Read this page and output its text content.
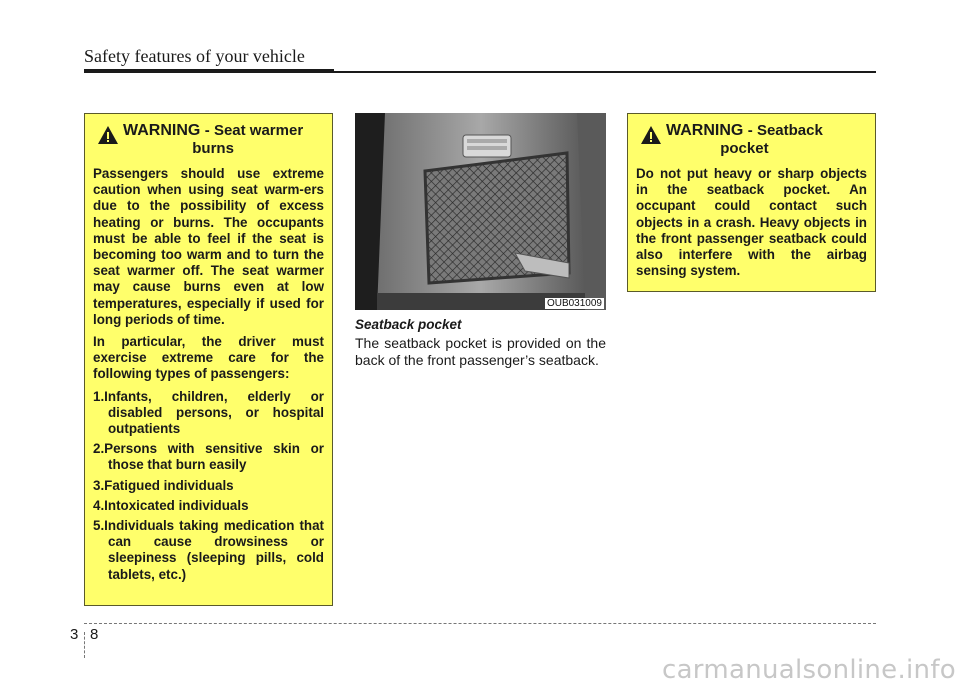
Safety features of your vehicle
WARNING - Seat warmer
burns

Passengers should use extreme caution when using seat warm-ers due to the possibility of excess heating or burns. The occupants must be able to feel if the seat is becoming too warm and to turn the seat warmer off. The seat warmer may cause burns even at low temperatures, especially if used for long periods of time.

In particular, the driver must exercise extreme care for the following types of passengers:

1.Infants, children, elderly or disabled persons, or hospital outpatients
2.Persons with sensitive skin or those that burn easily
3.Fatigued individuals
4.Intoxicated individuals
5.Individuals taking medication that can cause drowsiness or sleepiness (sleeping pills, cold tablets, etc.)
OUB031009
Seatback pocket

The seatback pocket is provided on the back of the front passenger’s seatback.

WARNING - Seatback
pocket

Do not put heavy or sharp objects in the seatback pocket. An occupant could contact such objects in a crash. Heavy objects in the front passenger seatback could also interfere with the airbag sensing system.

3 8
carmanualsonline.info
